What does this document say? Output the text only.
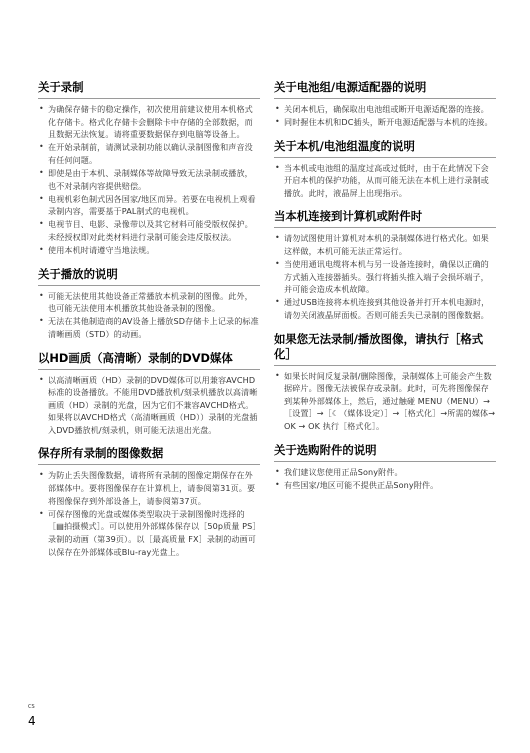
关于录制
• 为确保存储卡的稳定操作，初次使用前建议使用本机格式化存储卡。格式化存储卡会删除卡中存储的全部数据，而且数据无法恢复。请将重要数据保存到电脑等设备上。
• 在开始录制前，请测试录制功能以确认录制图像和声音没有任何问题。
• 即使是由于本机、录制媒体等故障导致无法录制或播放，也不对录制内容提供赔偿。
• 电视机彩色制式因各国家/地区而异。若要在电视机上观看录制内容，需要基于PAL制式的电视机。
• 电视节目、电影、录像带以及其它材料可能受版权保护。未经授权即对此类材料进行录制可能会违反版权法。
• 使用本机时请遵守当地法规。
关于播放的说明
• 可能无法使用其他设备正常播放本机录制的图像。此外，也可能无法使用本机播放其他设备录制的图像。
• 无法在其他制造商的AV设备上播放SD存储卡上记录的标准清晰画质（STD）的动画。
以HD画质（高清晰）录制的DVD媒体
• 以高清晰画质（HD）录制的DVD媒体可以用兼容AVCHD标准的设备播放。不能用DVD播放机/刻录机播放以高清晰画质（HD）录制的光盘，因为它们不兼容AVCHD格式。如果将以AVCHD格式（高清晰画质（HD））录制的光盘插入DVD播放机/刻录机，则可能无法退出光盘。
保存所有录制的图像数据
• 为防止丢失图像数据，请将所有录制的图像定期保存在外部媒体中。要将图像保存在计算机上，请参阅第31页。要将图像保存到外部设备上，请参阅第37页。
• 可保存图像的光盘或媒体类型取决于录制图像时选择的［▤拍摄模式］。可以使用外部媒体保存以［50p质量 PS］录制的动画（第39页）。以［最高质量 FX］录制的动画可以保存在外部媒体或Blu-ray光盘上。
关于电池组/电源适配器的说明
• 关闭本机后，确保取出电池组或断开电源适配器的连接。
• 同时握住本机和DC插头，断开电源适配器与本机的连接。
关于本机/电池组温度的说明
• 当本机或电池组的温度过高或过低时，由于在此情况下会开启本机的保护功能，从而可能无法在本机上进行录制或播放。此时，液晶屏上出现指示。
当本机连接到计算机或附件时
• 请勿试图使用计算机对本机的录制媒体进行格式化。如果这样做，本机可能无法正常运行。
• 当使用通讯电缆将本机与另一设备连接时，确保以正确的方式插入连接器插头。强行将插头推入端子会损坏端子，并可能会造成本机故障。
• 通过USB连接将本机连接到其他设备并打开本机电源时，请勿关闭液晶屏面板。否则可能丢失已录制的图像数据。
如果您无法录制/播放图像，请执行［格式化］
• 如果长时间反复录制/删除图像，录制媒体上可能会产生数据碎片。图像无法被保存或录制。此时，可先将图像保存到某种外部媒体上，然后，通过触碰 MENU（MENU）→［设置］→［☾（媒体设定）］→［格式化］→所需的媒体→ OK → OK 执行［格式化］。
关于选购附件的说明
• 我们建议您使用正品Sony附件。
• 有些国家/地区可能不提供正品Sony附件。
CS
4
